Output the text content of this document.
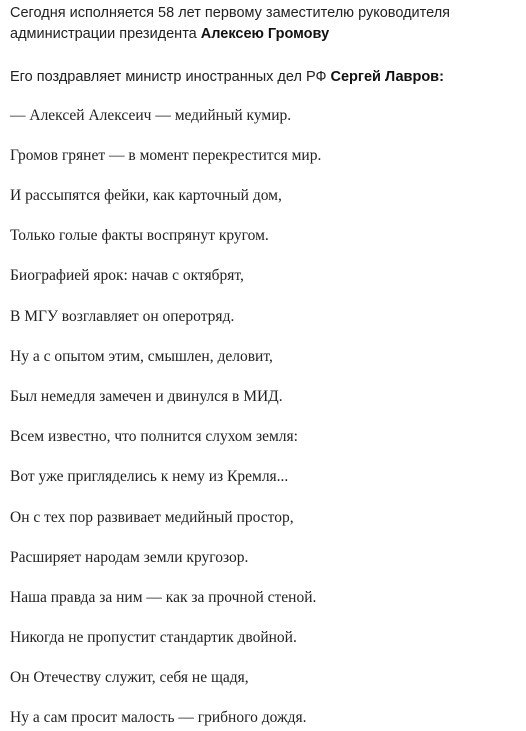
Сегодня исполняется 58 лет первому заместителю руководителя администрации президента Алексею Громову
Его поздравляет министр иностранных дел РФ Сергей Лавров:
— Алексей Алексеич — медийный кумир.
Громов грянет — в момент перекрестится мир.
И рассыпятся фейки, как карточный дом,
Только голые факты воспрянут кругом.
Биографией ярок: начав с октябрят,
В МГУ возглавляет он оперотряд.
Ну а с опытом этим, смышлен, деловит,
Был немедля замечен и двинулся в МИД.
Всем известно, что полнится слухом земля:
Вот уже пригляделись к нему из Кремля...
Он с тех пор развивает медийный простор,
Расширяет народам земли кругозор.
Наша правда за ним — как за прочной стеной.
Никогда не пропустит стандартик двойной.
Он Отечеству служит, себя не щадя,
Ну а сам просит малость — грибного дождя.
